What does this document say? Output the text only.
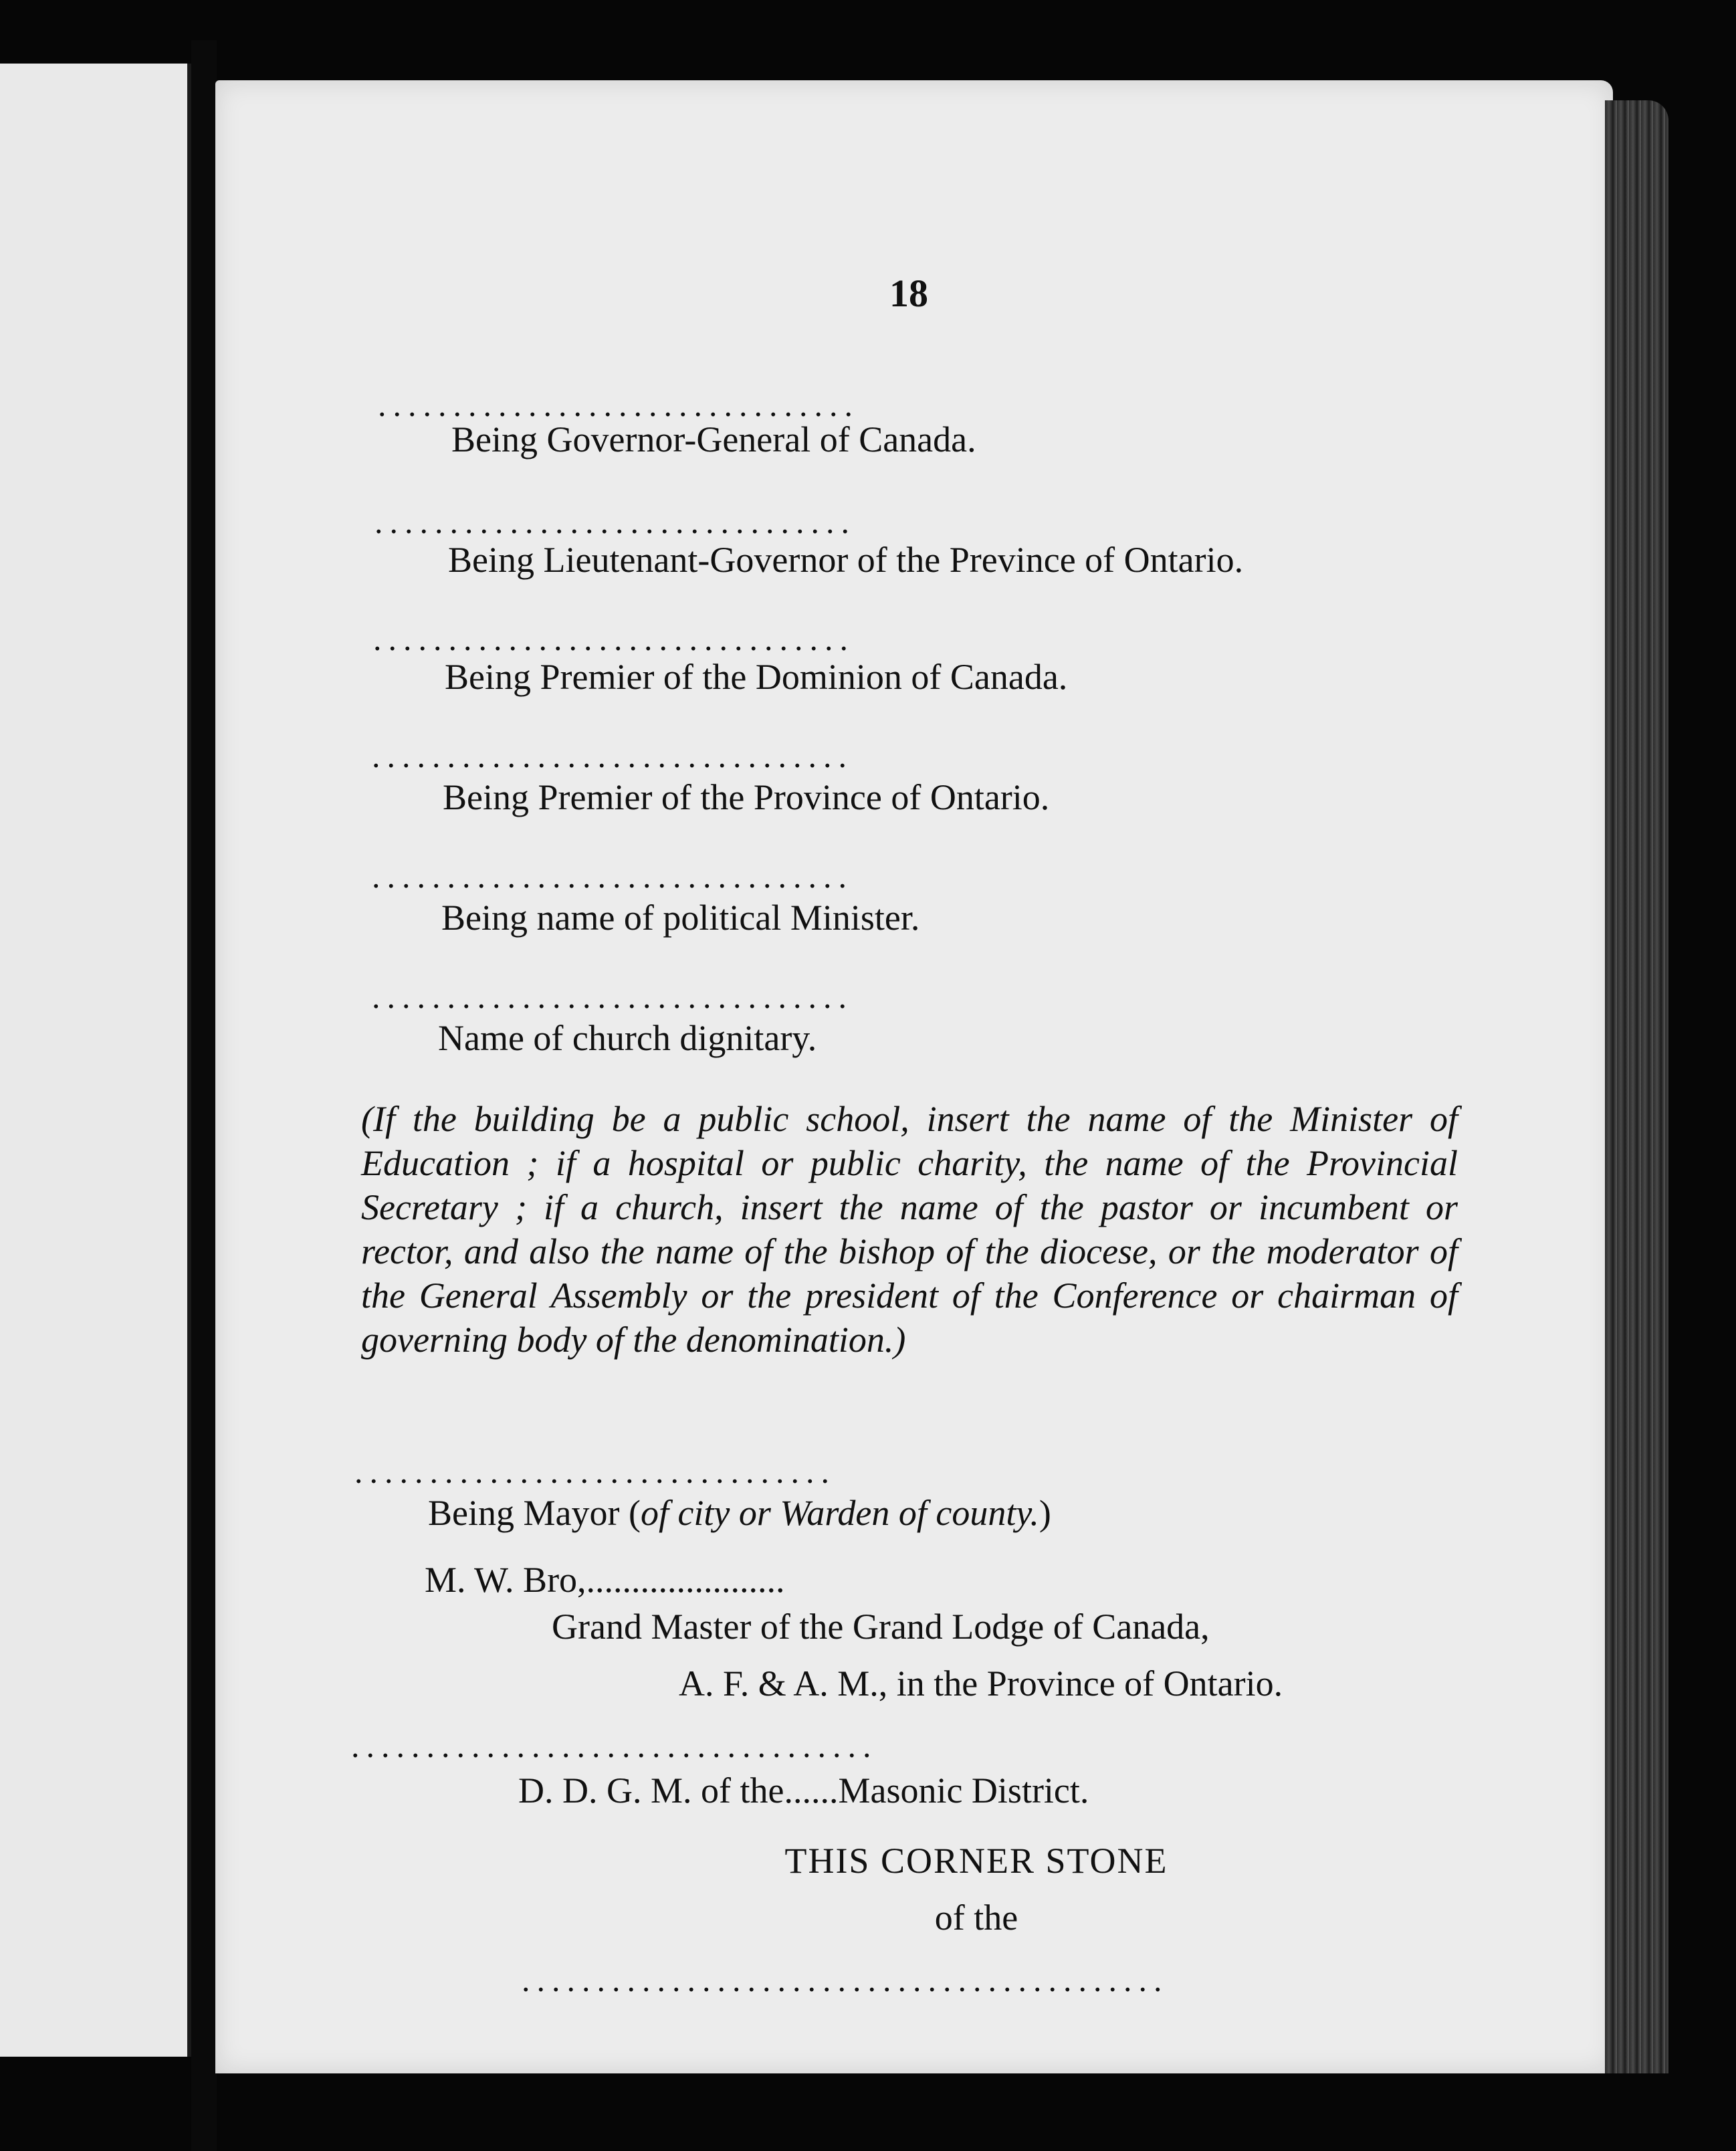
18
................................
Being Governor-General of Canada.
................................
Being Lieutenant-Governor of the Prevince of Ontario.
................................
Being Premier of the Dominion of Canada.
................................
Being Premier of the Province of Ontario.
................................
Being name of political Minister.
................................
Name of church dignitary.
(If the building be a public school, insert the name of the Minister of Education ; if a hospital or public charity, the name of the Provincial Secretary ; if a church, insert the name of the pastor or incumbent or rector, and also the name of the bishop of the diocese, or the moderator of the General Assembly or the president of the Conference or chairman of governing body of the denomination.)
................................
Being Mayor (of city or Warden of county.)
M. W. Bro,......................
Grand Master of the Grand Lodge of Canada,
A. F. & A. M., in the Province of Ontario.
...................................
D. D. G. M. of the......Masonic District.
THIS CORNER STONE
of the
...........................................
